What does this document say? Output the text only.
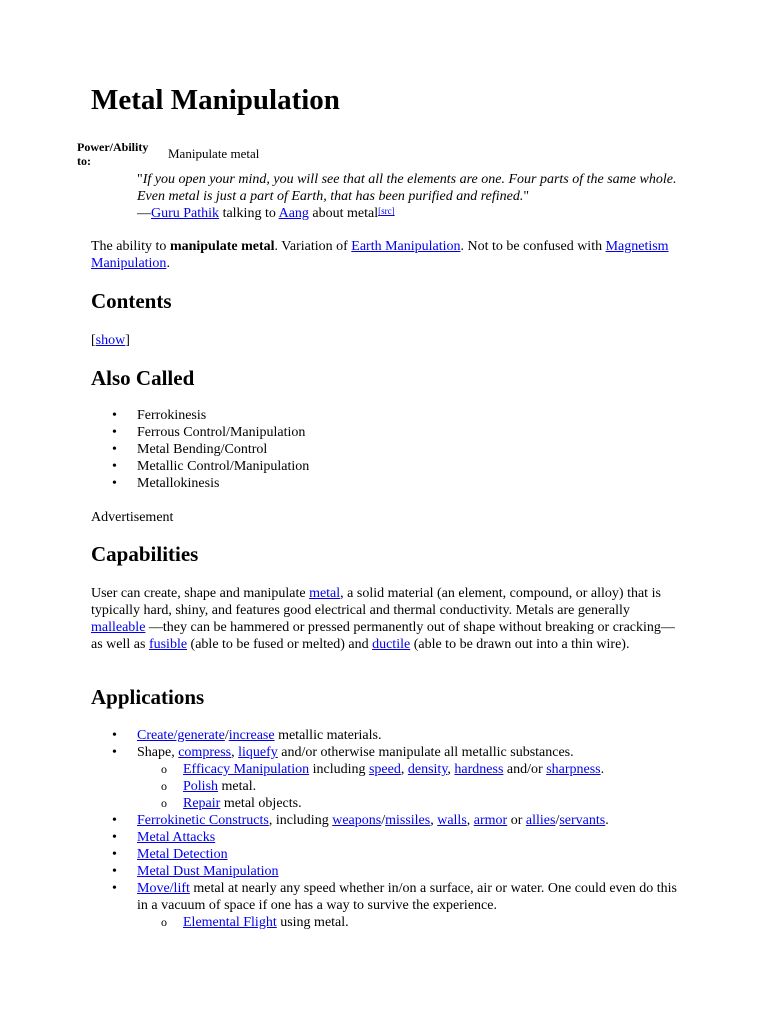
Metal Manipulation
Power/Ability to:	Manipulate metal
"If you open your mind, you will see that all the elements are one. Four parts of the same whole. Even metal is just a part of Earth, that has been purified and refined."
—Guru Pathik talking to Aang about metal[src]
The ability to manipulate metal. Variation of Earth Manipulation. Not to be confused with Magnetism Manipulation.
Contents
[show]
Also Called
• Ferrokinesis
• Ferrous Control/Manipulation
• Metal Bending/Control
• Metallic Control/Manipulation
• Metallokinesis
Advertisement
Capabilities
User can create, shape and manipulate metal, a solid material (an element, compound, or alloy) that is typically hard, shiny, and features good electrical and thermal conductivity. Metals are generally malleable —they can be hammered or pressed permanently out of shape without breaking or cracking— as well as fusible (able to be fused or melted) and ductile (able to be drawn out into a thin wire).
Applications
• Create/generate/increase metallic materials.
• Shape, compress, liquefy and/or otherwise manipulate all metallic substances.
o Efficacy Manipulation including speed, density, hardness and/or sharpness.
o Polish metal.
o Repair metal objects.
• Ferrokinetic Constructs, including weapons/missiles, walls, armor or allies/servants.
• Metal Attacks
• Metal Detection
• Metal Dust Manipulation
• Move/lift metal at nearly any speed whether in/on a surface, air or water. One could even do this in a vacuum of space if one has a way to survive the experience.
o Elemental Flight using metal.
